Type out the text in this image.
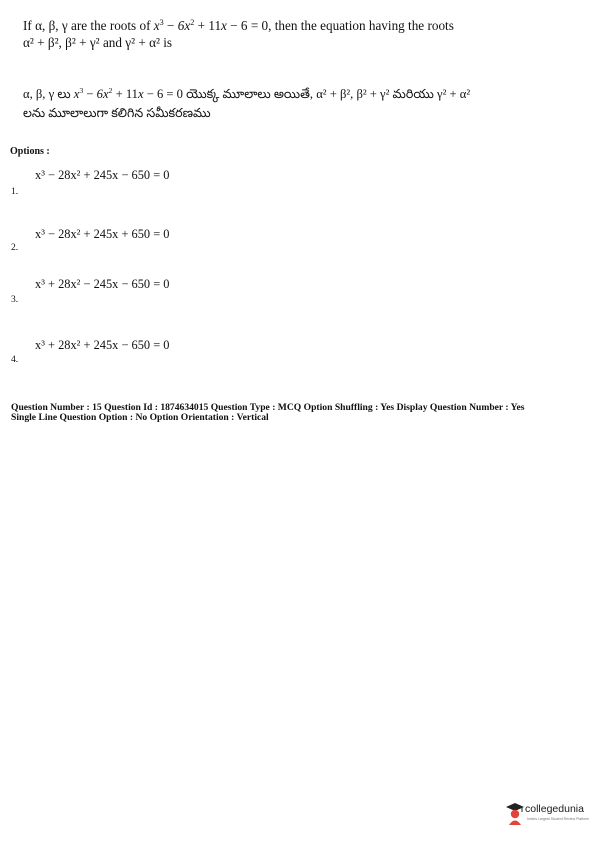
If α, β, γ are the roots of $x^3 - 6x^2 + 11x - 6 = 0$, then the equation having the roots
α² + β², β² + γ² and γ² + α² is
α, β, γ లు $x^3 - 6x^2 + 11x - 6 = 0$ యొక్క మూలాలు అయితే, α² + β², β² + γ² మరియు γ² + α²
లను మూలాలుగా కలిగిన సమీకరణము
Options :
x³ − 28x² + 245x − 650 = 0
1.
x³ − 28x² + 245x + 650 = 0
2.
x³ + 28x² − 245x − 650 = 0
3.
x³ + 28x² + 245x − 650 = 0
4.
Question Number : 15 Question Id : 1874634015 Question Type : MCQ Option Shuffling : Yes Display Question Number : Yes
Single Line Question Option : No Option Orientation : Vertical
collegedunia
India's Largest Student Review Platform
